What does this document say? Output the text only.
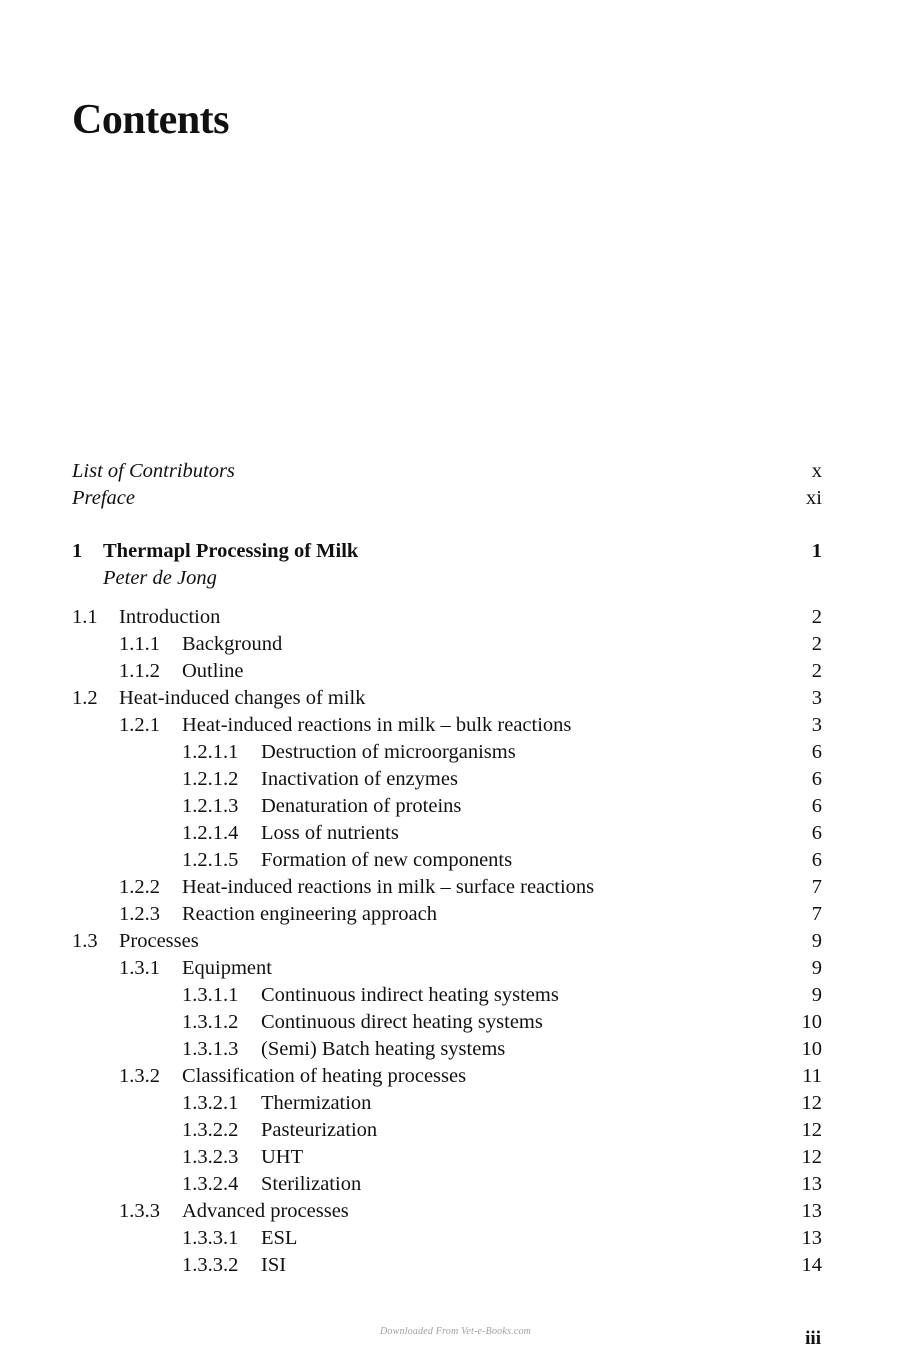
Contents
List of Contributors	x
Preface	xi
1 Thermapl Processing of Milk	1
Peter de Jong
1.1 Introduction	2
1.1.1 Background	2
1.1.2 Outline	2
1.2 Heat-induced changes of milk	3
1.2.1 Heat-induced reactions in milk – bulk reactions	3
1.2.1.1 Destruction of microorganisms	6
1.2.1.2 Inactivation of enzymes	6
1.2.1.3 Denaturation of proteins	6
1.2.1.4 Loss of nutrients	6
1.2.1.5 Formation of new components	6
1.2.2 Heat-induced reactions in milk – surface reactions	7
1.2.3 Reaction engineering approach	7
1.3 Processes	9
1.3.1 Equipment	9
1.3.1.1 Continuous indirect heating systems	9
1.3.1.2 Continuous direct heating systems	10
1.3.1.3 (Semi) Batch heating systems	10
1.3.2 Classification of heating processes	11
1.3.2.1 Thermization	12
1.3.2.2 Pasteurization	12
1.3.2.3 UHT	12
1.3.2.4 Sterilization	13
1.3.3 Advanced processes	13
1.3.3.1 ESL	13
1.3.3.2 ISI	14
Downloaded From Vet-e-Books.com	iii
